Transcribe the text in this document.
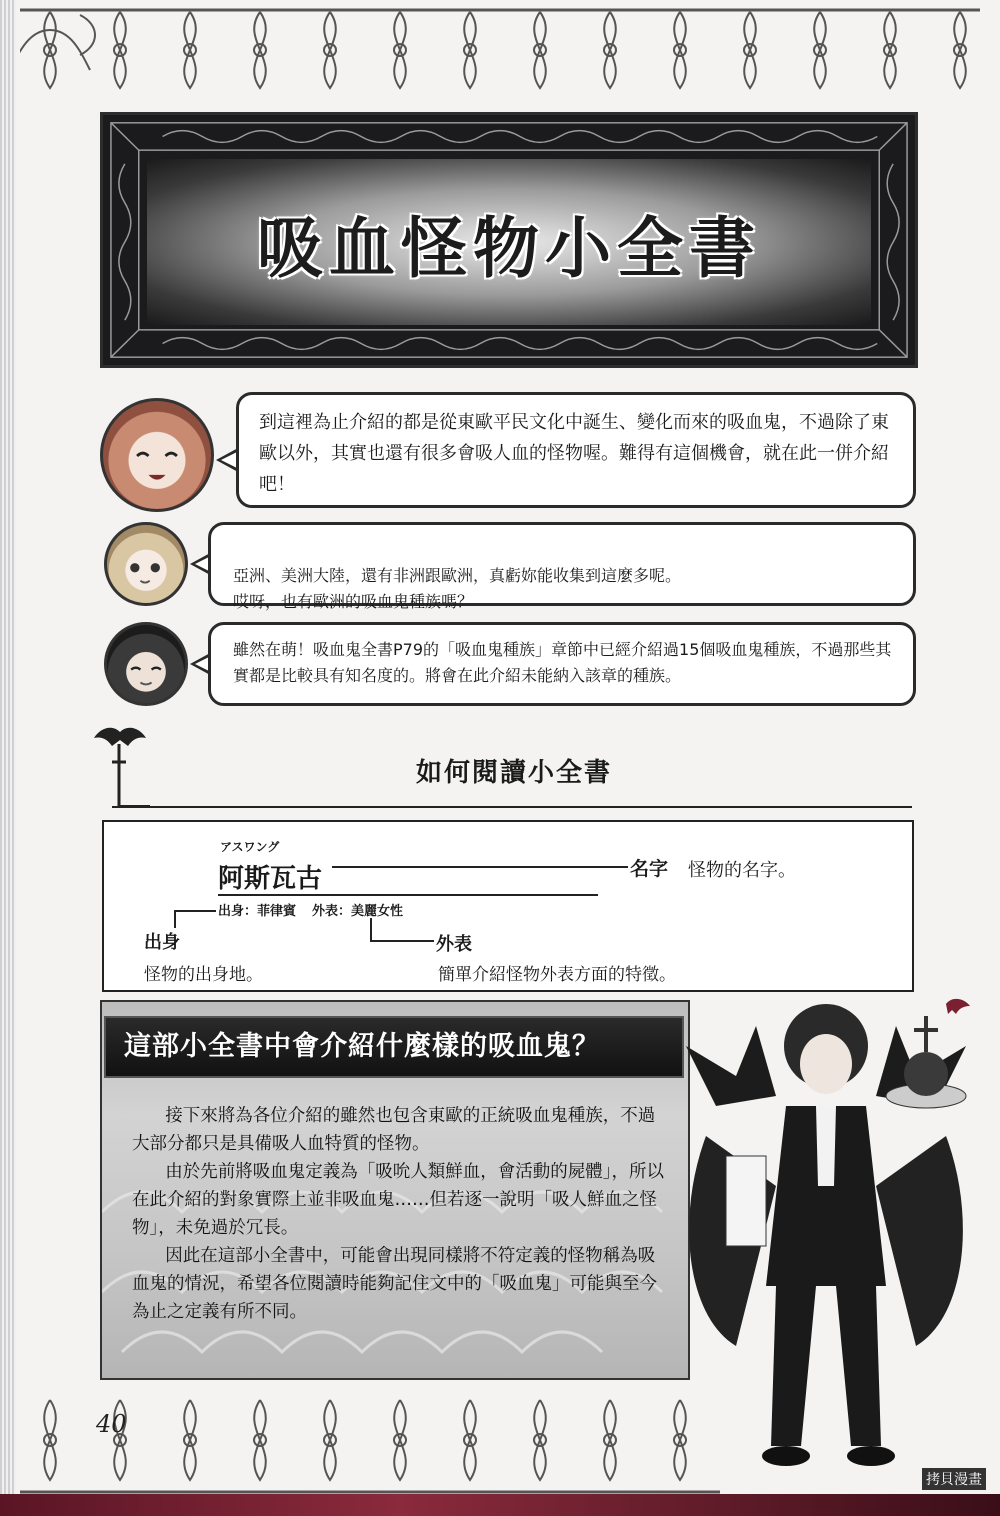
吸血怪物小全書
到這裡為止介紹的都是從東歐平民文化中誕生、變化而來的吸血鬼，不過除了東歐以外，其實也還有很多會吸人血的怪物喔。難得有這個機會，就在此一併介紹吧！

亞洲、美洲大陸，還有非洲跟歐洲，真虧妳能收集到這麼多呢。
哎呀，也有歐洲的吸血鬼種族嗎？

雖然在萌！吸血鬼全書P79的「吸血鬼種族」章節中已經介紹過15個吸血鬼種族，不過那些其實都是比較具有知名度的。將會在此介紹未能納入該章的種族。
如何閱讀小全書
アスワング
阿斯瓦古	名字 怪物的名字。
出身：菲律賓 外表：美麗女性
出身
怪物的出身地。
外表
簡單介紹怪物外表方面的特徵。

接下來將為各位介紹的雖然也包含東歐的正統吸血鬼種族，不過大部分都只是具備吸人血特質的怪物。

由於先前將吸血鬼定義為「吸吮人類鮮血，會活動的屍體」，所以在此介紹的對象實際上並非吸血鬼……但若逐一說明「吸人鮮血之怪物」，未免過於冗長。

因此在這部小全書中，可能會出現同樣將不符定義的怪物稱為吸血鬼的情況，希望各位閱讀時能夠記住文中的「吸血鬼」可能與至今為止之定義有所不同。

這部小全書中會介紹什麼樣的吸血鬼？
40
拷貝漫畫
